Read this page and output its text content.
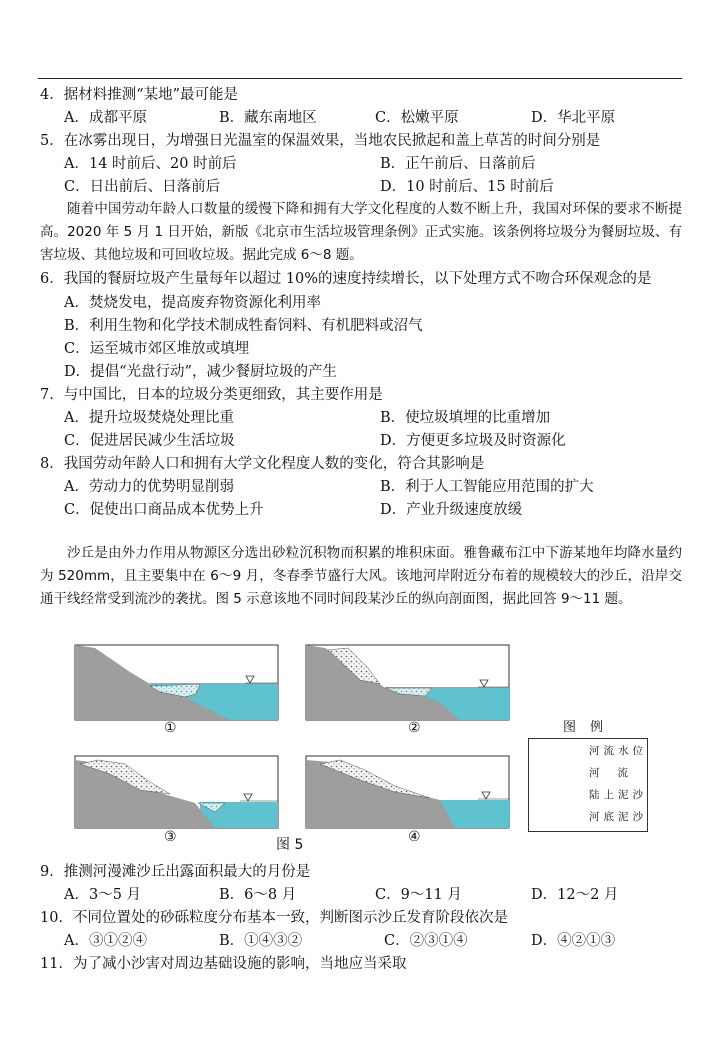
4．据材料推测“某地”最可能是
A．成都平原	B．藏东南地区	C．松嫩平原	D．华北平原
5．在冰雾出现日，为增强日光温室的保温效果，当地农民掀起和盖上草苫的时间分别是
A．14 时前后、20 时前后	B．正午前后、日落前后
C．日出前后、日落前后	D．10 时前后、15 时前后
随着中国劳动年龄人口数量的缓慢下降和拥有大学文化程度的人数不断上升，我国对环保的要求不断提高。2020 年 5 月 1 日开始，新版《北京市生活垃圾管理条例》正式实施。该条例将垃圾分为餐厨垃圾、有害垃圾、其他垃圾和可回收垃圾。据此完成 6～8 题。
6．我国的餐厨垃圾产生量每年以超过 10%的速度持续增长，以下处理方式不吻合环保观念的是
A．焚烧发电，提高废弃物资源化利用率
B．利用生物和化学技术制成牲畜饲料、有机肥料或沼气
C．运至城市郊区堆放或填埋
D．提倡“光盘行动”，减少餐厨垃圾的产生
7．与中国比，日本的垃圾分类更细致，其主要作用是
A．提升垃圾焚烧处理比重	B．使垃圾填埋的比重增加
C．促进居民减少生活垃圾	D．方便更多垃圾及时资源化
8．我国劳动年龄人口和拥有大学文化程度人数的变化，符合其影响是
A．劳动力的优势明显削弱	B．利于人工智能应用范围的扩大
C．促使出口商品成本优势上升	D．产业升级速度放缓
沙丘是由外力作用从物源区分选出砂粒沉积物而积累的堆积床面。雅鲁藏布江中下游某地年均降水量约为 520mm，且主要集中在 6～9 月，冬春季节盛行大风。该地河岸附近分布着的规模较大的沙丘，沿岸交通干线经常受到流沙的袭扰。图 5 示意该地不同时间段某沙丘的纵向剖面图，据此回答 9～11 题。
①	②
③	④
图例
河流水位
河流
陆上泥沙
河底泥沙
图 5
9．推测河漫滩沙丘出露面积最大的月份是
A．3～5 月	B．6～8 月	C．9～11 月	D．12～2 月
10．不同位置处的砂砾粒度分布基本一致，判断图示沙丘发育阶段依次是
A．③①②④	B．①④③②	C．②③①④	D．④②①③
11．为了减小沙害对周边基础设施的影响，当地应当采取
